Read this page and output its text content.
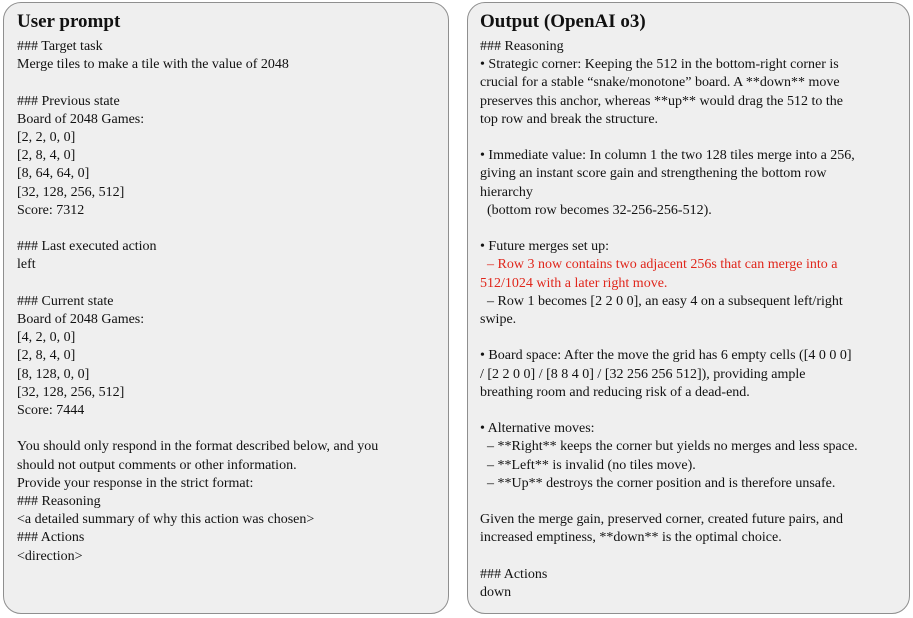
User prompt
### Target task
Merge tiles to make a tile with the value of 2048

### Previous state
Board of 2048 Games:
[2, 2, 0, 0]
[2, 8, 4, 0]
[8, 64, 64, 0]
[32, 128, 256, 512]
Score: 7312

### Last executed action
left

### Current state
Board of 2048 Games:
[4, 2, 0, 0]
[2, 8, 4, 0]
[8, 128, 0, 0]
[32, 128, 256, 512]
Score: 7444

You should only respond in the format described below, and you
should not output comments or other information.
Provide your response in the strict format:
### Reasoning
<a detailed summary of why this action was chosen>
### Actions
<direction>
Output (OpenAI o3)
### Reasoning
• Strategic corner: Keeping the 512 in the bottom-right corner is
crucial for a stable “snake/monotone” board. A **down** move
preserves this anchor, whereas **up** would drag the 512 to the
top row and break the structure.

• Immediate value: In column 1 the two 128 tiles merge into a 256,
giving an instant score gain and strengthening the bottom row
hierarchy
(bottom row becomes 32-256-256-512).

• Future merges set up:
– Row 3 now contains two adjacent 256s that can merge into a
512/1024 with a later right move.
– Row 1 becomes [2 2 0 0], an easy 4 on a subsequent left/right
swipe.

• Board space: After the move the grid has 6 empty cells ([4 0 0 0]
/ [2 2 0 0] / [8 8 4 0] / [32 256 256 512]), providing ample
breathing room and reducing risk of a dead-end.

• Alternative moves:
– **Right** keeps the corner but yields no merges and less space.
– **Left** is invalid (no tiles move).
– **Up** destroys the corner position and is therefore unsafe.

Given the merge gain, preserved corner, created future pairs, and
increased emptiness, **down** is the optimal choice.

### Actions
down
